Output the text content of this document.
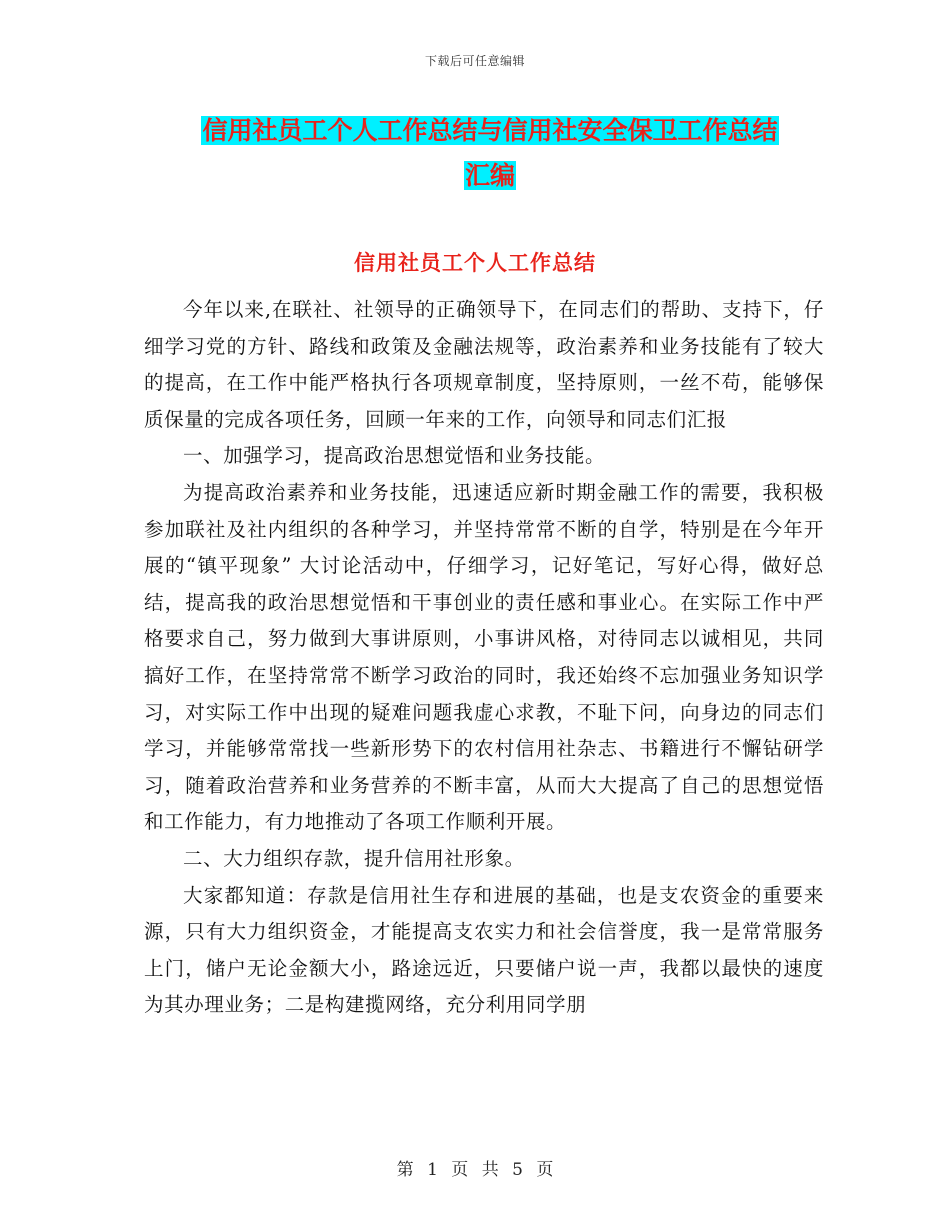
下载后可任意编辑
信用社员工个人工作总结与信用社安全保卫工作总结
汇编
信用社员工个人工作总结

今年以来,在联社、社领导的正确领导下，在同志们的帮助、支持下，仔细学习党的方针、路线和政策及金融法规等，政治素养和业务技能有了较大的提高，在工作中能严格执行各项规章制度，坚持原则，一丝不苟，能够保质保量的完成各项任务，回顾一年来的工作，向领导和同志们汇报

一、加强学习，提高政治思想觉悟和业务技能。

为提高政治素养和业务技能，迅速适应新时期金融工作的需要，我积极参加联社及社内组织的各种学习，并坚持常常不断的自学，特别是在今年开展的“镇平现象” 大讨论活动中，仔细学习，记好笔记，写好心得，做好总结，提高我的政治思想觉悟和干事创业的责任感和事业心。在实际工作中严格要求自己，努力做到大事讲原则，小事讲风格，对待同志以诚相见，共同搞好工作，在坚持常常不断学习政治的同时，我还始终不忘加强业务知识学习，对实际工作中出现的疑难问题我虚心求教，不耻下问，向身边的同志们学习，并能够常常找一些新形势下的农村信用社杂志、书籍进行不懈钻研学习，随着政治营养和业务营养的不断丰富，从而大大提高了自己的思想觉悟和工作能力，有力地推动了各项工作顺利开展。

二、大力组织存款，提升信用社形象。

大家都知道：存款是信用社生存和进展的基础，也是支农资金的重要来源，只有大力组织资金，才能提高支农实力和社会信誉度，我一是常常服务上门，储户无论金额大小，路途远近，只要储户说一声，我都以最快的速度为其办理业务；二是构建揽网络，充分利用同学朋

第 1 页 共 5 页
